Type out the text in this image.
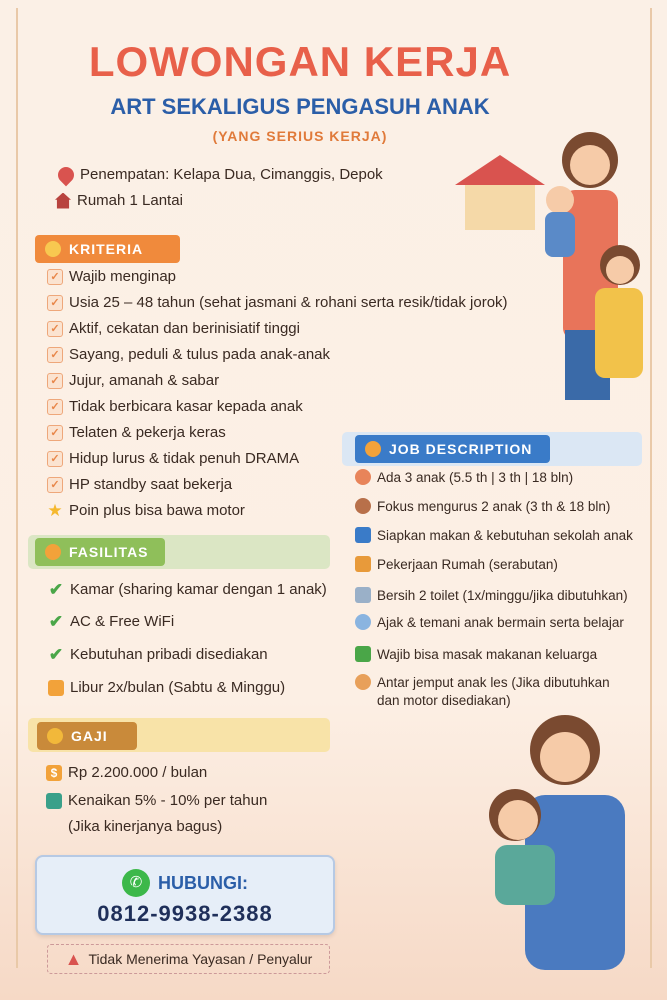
LOWONGAN KERJA
ART SEKALIGUS PENGASUH ANAK
(YANG SERIUS KERJA)
Penempatan: Kelapa Dua, Cimanggis, Depok
Rumah 1 Lantai
KRITERIA
✓ Wajib menginap
✓ Usia 25 – 48 tahun (sehat jasmani & rohani serta resik/tidak jorok)
✓ Aktif, cekatan dan berinisiatif tinggi
✓ Sayang, peduli & tulus pada anak-anak
✓ Jujur, amanah & sabar
✓ Tidak berbicara kasar kepada anak
✓ Telaten & pekerja keras
✓ Hidup lurus & tidak penuh DRAMA
✓ HP standby saat bekerja
★ Poin plus bisa bawa motor
JOB DESCRIPTION
Ada 3 anak (5.5 th | 3 th | 18 bln)
Fokus mengurus 2 anak (3 th & 18 bln)
Siapkan makan & kebutuhan sekolah anak
Pekerjaan Rumah (serabutan)
Bersih 2 toilet (1x/minggu/jika dibutuhkan)
Ajak & temani anak bermain serta belajar
Wajib bisa masak makanan keluarga
Antar jemput anak les (Jika dibutuhkan
dan motor disediakan)
FASILITAS
✔ Kamar (sharing kamar dengan 1 anak)
✔ AC & Free WiFi
✔ Kebutuhan pribadi disediakan
Libur 2x/bulan (Sabtu & Minggu)
GAJI
$ Rp 2.200.000 / bulan
Kenaikan 5% - 10% per tahun
(Jika kinerjanya bagus)
✆ HUBUNGI:
0812-9938-2388
▲ Tidak Menerima Yayasan / Penyalur
